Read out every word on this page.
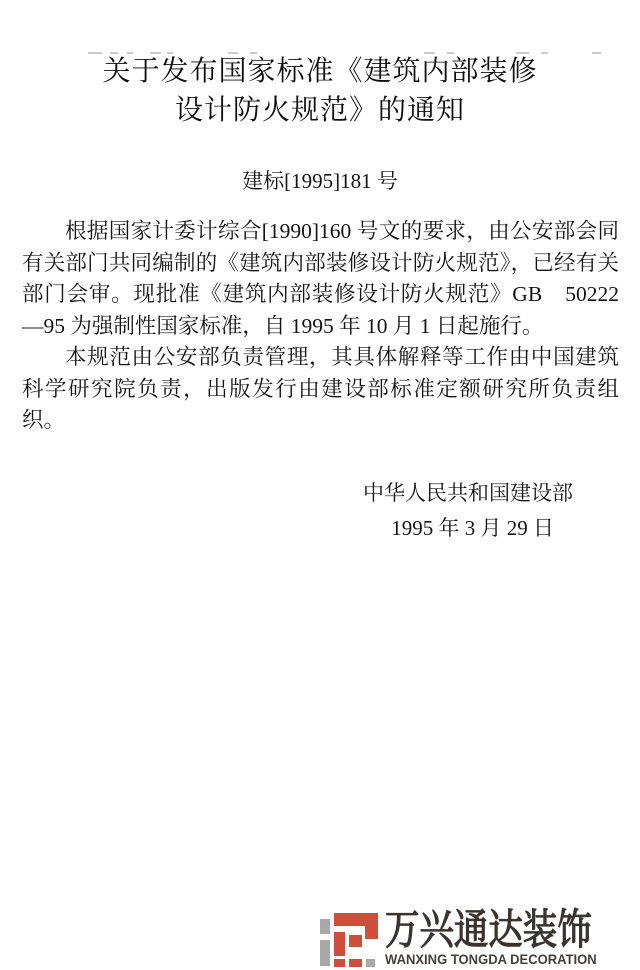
关于发布国家标准《建筑内部装修
设计防火规范》的通知
建标[1995]181 号

根据国家计委计综合[1990]160 号文的要求，由公安部会同有关部门共同编制的《建筑内部装修设计防火规范》，已经有关部门会审。现批准《建筑内部装修设计防火规范》GB　50222—95 为强制性国家标准，自 1995 年 10 月 1 日起施行。

本规范由公安部负责管理，其具体解释等工作由中国建筑科学研究院负责，出版发行由建设部标准定额研究所负责组织。

中华人民共和国建设部
1995 年 3 月 29 日
万兴通达装饰
WANXING TONGDA DECORATION
